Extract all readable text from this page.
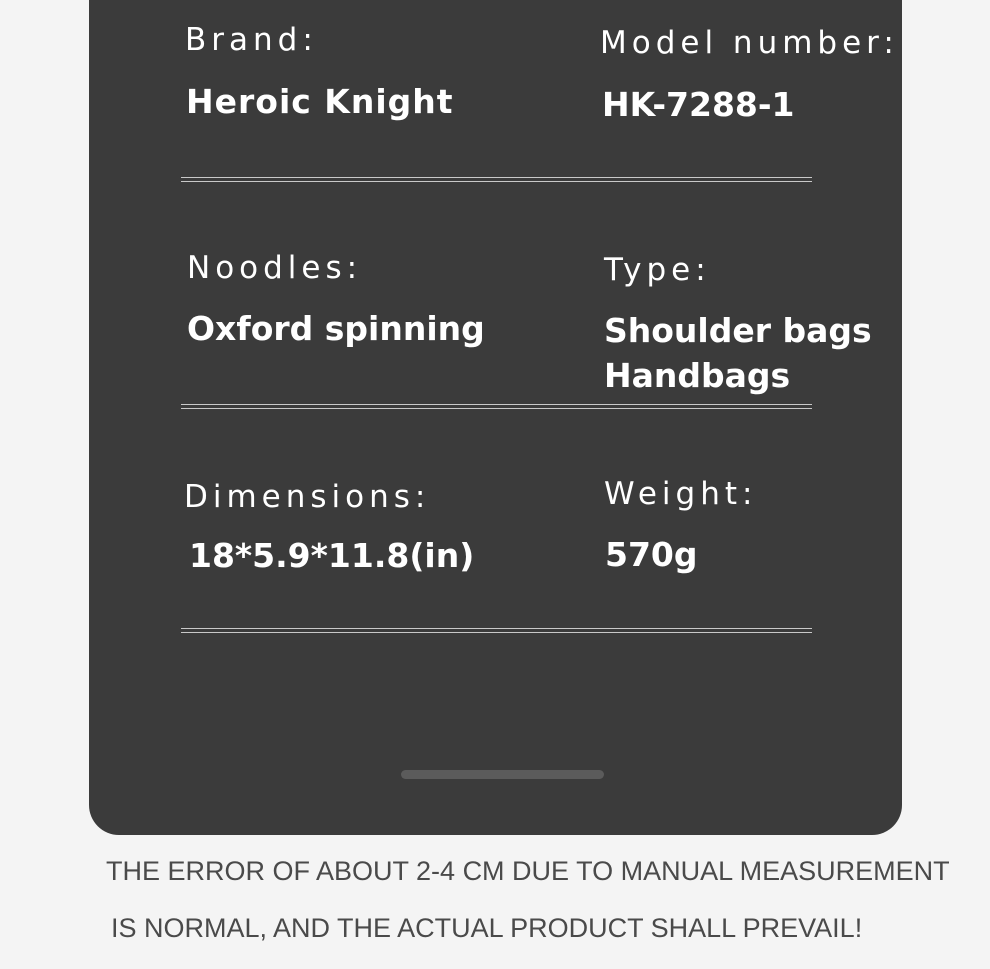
Brand:
Heroic Knight
Model number:
HK-7288-1
Noodles:
Oxford spinning
Type:
Shoulder bags
Handbags
Dimensions:
18*5.9*11.8(in)
Weight:
570g
THE ERROR OF ABOUT 2-4 CM DUE TO MANUAL MEASUREMENT
IS NORMAL, AND THE ACTUAL PRODUCT SHALL PREVAIL!
